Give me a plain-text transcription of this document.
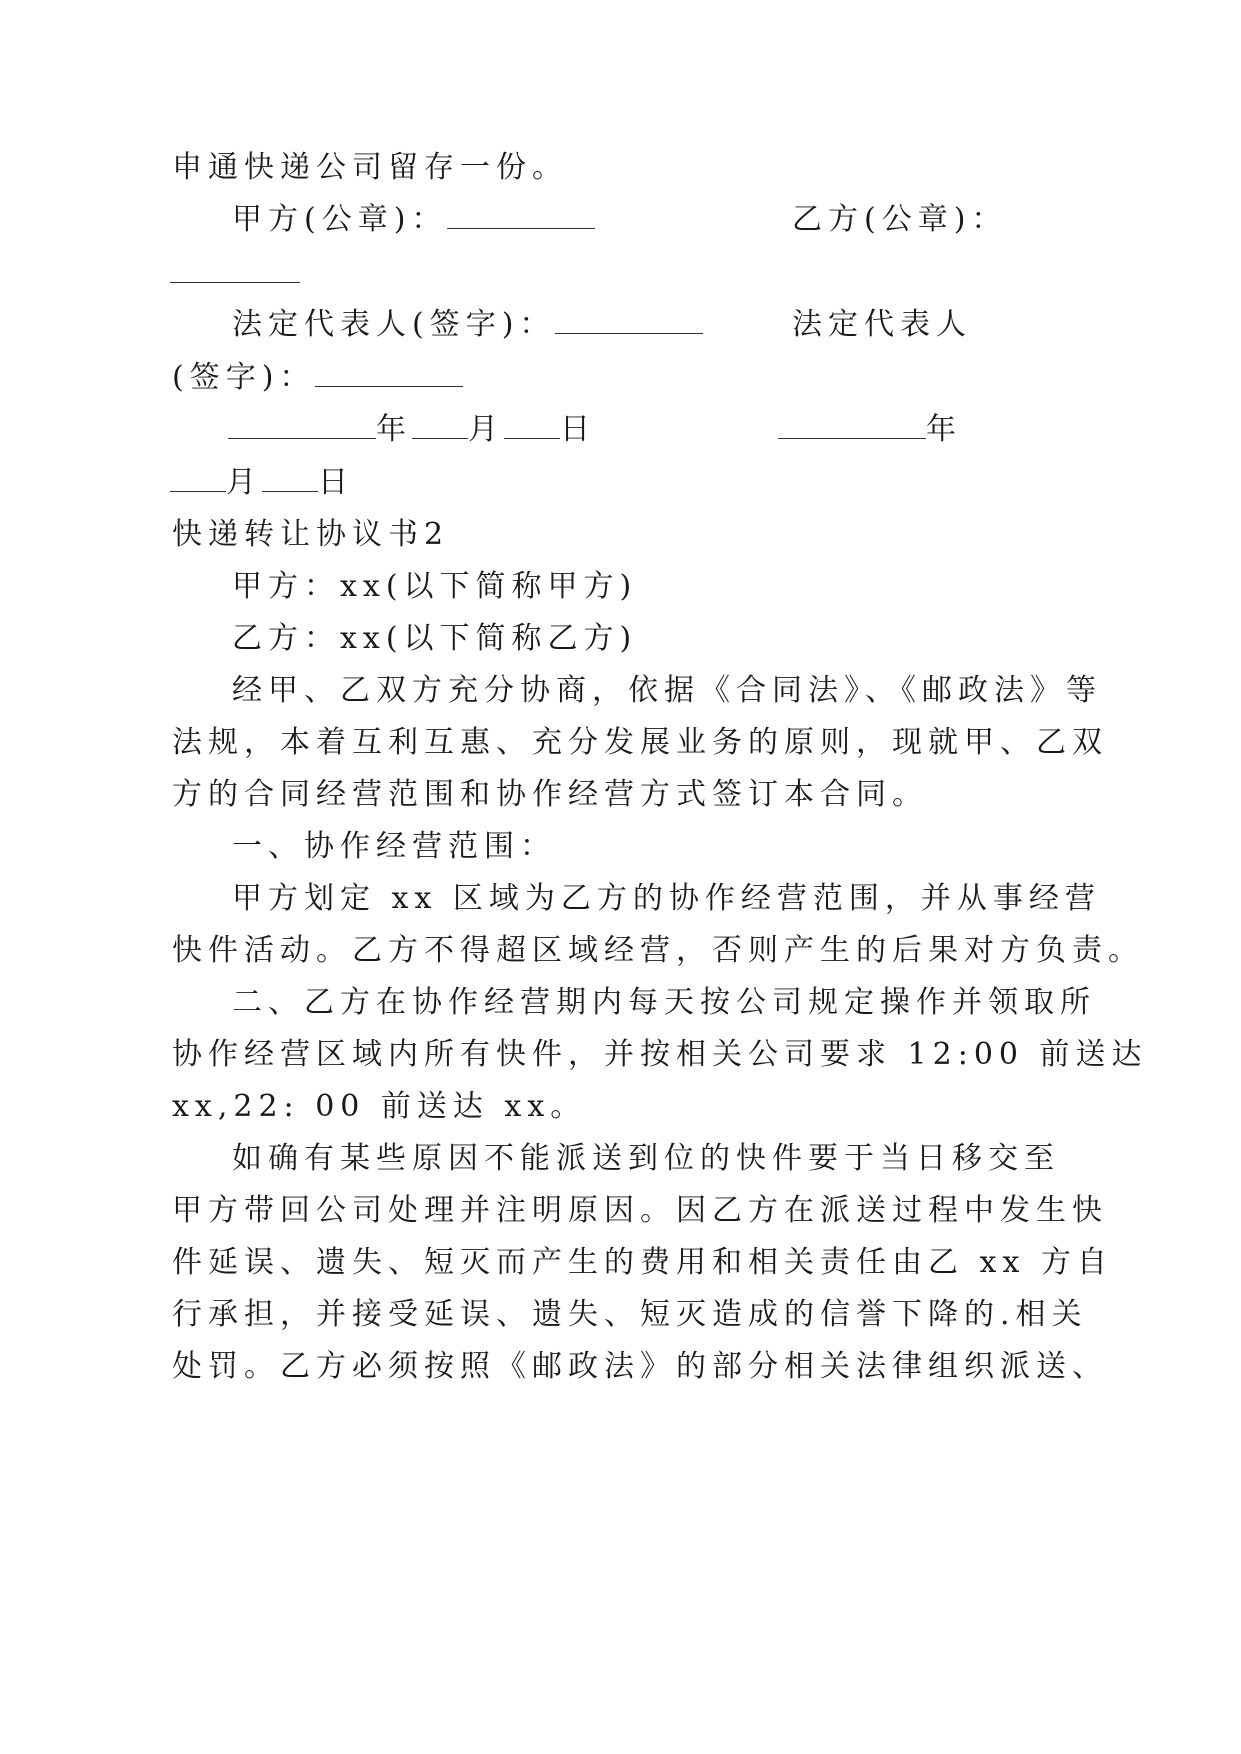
申通快递公司留存一份。
甲方(公章)：	乙方(公章)：
法定代表人(签字)：	法定代表人
(签字)：
年 月 日	年
月 日
快递转让协议书2
甲方：xx(以下简称甲方)
乙方：xx(以下简称乙方)
经甲、乙双方充分协商，依据《合同法》、《邮政法》等
法规，本着互利互惠、充分发展业务的原则，现就甲、乙双
方的合同经营范围和协作经营方式签订本合同。
一、协作经营范围：
甲方划定 xx 区域为乙方的协作经营范围，并从事经营
快件活动。乙方不得超区域经营，否则产生的后果对方负责。
二、乙方在协作经营期内每天按公司规定操作并领取所
协作经营区域内所有快件，并按相关公司要求 12:00 前送达
xx,22: 00 前送达 xx。
如确有某些原因不能派送到位的快件要于当日移交至
甲方带回公司处理并注明原因。因乙方在派送过程中发生快
件延误、遗失、短灭而产生的费用和相关责任由乙 xx 方自
行承担，并接受延误、遗失、短灭造成的信誉下降的.相关
处罚。乙方必须按照《邮政法》的部分相关法律组织派送、
